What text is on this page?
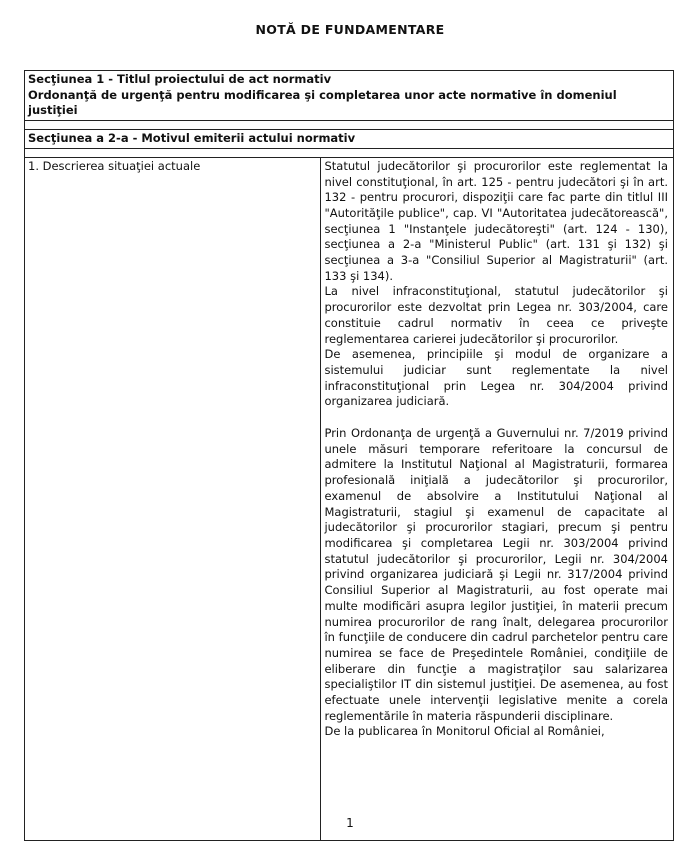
NOTĂ DE FUNDAMENTARE
Secţiunea 1 - Titlul proiectului de act normativ
Ordonanţă de urgenţă pentru modificarea şi completarea unor acte normative în domeniul justiţiei

Secţiunea a 2-a - Motivul emiterii actului normativ

1. Descrierea situaţiei actuale	Statutul judecătorilor şi procurorilor este reglementat la nivel constituţional, în art. 125 - pentru judecători şi în art. 132 - pentru procurori, dispoziţii care fac parte din titlul III "Autorităţile publice", cap. VI "Autoritatea judecătorească", secţiunea 1 "Instanţele judecătoreşti" (art. 124 - 130), secţiunea a 2-a "Ministerul Public" (art. 131 şi 132) şi secţiunea a 3-a "Consiliul Superior al Magistraturii" (art. 133 şi 134).

La nivel infraconstituţional, statutul judecătorilor şi procurorilor este dezvoltat prin Legea nr. 303/2004, care constituie cadrul normativ în ceea ce priveşte reglementarea carierei judecătorilor şi procurorilor.

De asemenea, principiile şi modul de organizare a sistemului judiciar sunt reglementate la nivel infraconstituţional prin Legea nr. 304/2004 privind organizarea judiciară.

Prin Ordonanţa de urgenţă a Guvernului nr. 7/2019 privind unele măsuri temporare referitoare la concursul de admitere la Institutul Naţional al Magistraturii, formarea profesională iniţială a judecătorilor şi procurorilor, examenul de absolvire a Institutului Naţional al Magistraturii, stagiul şi examenul de capacitate al judecătorilor şi procurorilor stagiari, precum şi pentru modificarea şi completarea Legii nr. 303/2004 privind statutul judecătorilor şi procurorilor, Legii nr. 304/2004 privind organizarea judiciară şi Legii nr. 317/2004 privind Consiliul Superior al Magistraturii, au fost operate mai multe modificări asupra legilor justiţiei, în materii precum numirea procurorilor de rang înalt, delegarea procurorilor în funcţiile de conducere din cadrul parchetelor pentru care numirea se face de Preşedintele României, condiţiile de eliberare din funcţie a magistraţilor sau salarizarea specialiştilor IT din sistemul justiţiei. De asemenea, au fost efectuate unele intervenţii legislative menite a corela reglementările în materia răspunderii disciplinare.

De la publicarea în Monitorul Oficial al României,

1
